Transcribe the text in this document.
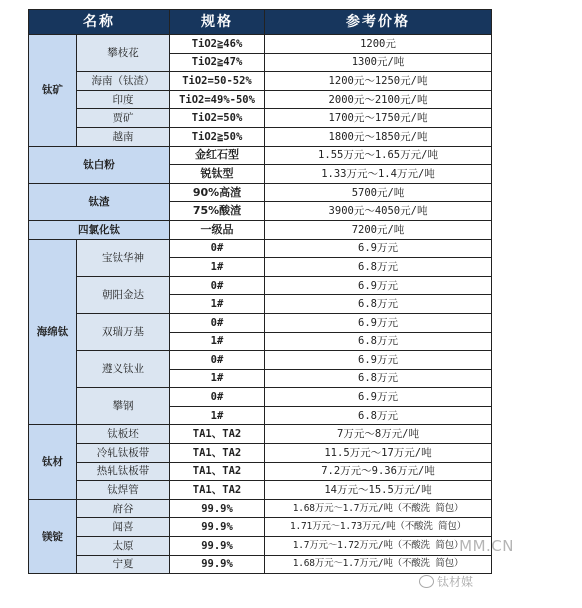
名称		规格	参考价格
钛矿	攀枝花	TiO2≧46%	1200元
		TiO2≧47%	1300元/吨
	海南（钛渣）	TiO2=50-52%	1200元～1250元/吨
	印度	TiO2=49%-50%	2000元～2100元/吨
	贾矿	TiO2=50%	1700元～1750元/吨
	越南	TiO2≧50%	1800元～1850元/吨
钛白粉		金红石型	1.55万元～1.65万元/吨
		锐钛型	1.33万元～1.4万元/吨
钛渣		90%高渣	5700元/吨
		75%酸渣	3900元～4050元/吨
四氯化钛		一级品	7200元/吨
海绵钛	宝钛华神	0#	6.9万元
		1#	6.8万元
	朝阳金达	0#	6.9万元
		1#	6.8万元
	双瑞万基	0#	6.9万元
		1#	6.8万元
	遵义钛业	0#	6.9万元
		1#	6.8万元
	攀钢	0#	6.9万元
		1#	6.8万元
钛材	钛板坯	TA1、TA2	7万元～8万元/吨
	冷轧钛板带	TA1、TA2	11.5万元～17万元/吨
	热轧钛板带	TA1、TA2	7.2万元～9.36万元/吨
	钛焊管	TA1、TA2	14万元～15.5万元/吨
镁锭	府谷	99.9%	1.68万元～1.7万元/吨（不酸洗 简包）
	闻喜	99.9%	1.71万元～1.73万元/吨（不酸洗 简包）
	太原	99.9%	1.7万元～1.72万元/吨（不酸洗 简包）
	宁夏	99.9%	1.68万元～1.7万元/吨（不酸洗 简包）
MM.CN
钛材媒
